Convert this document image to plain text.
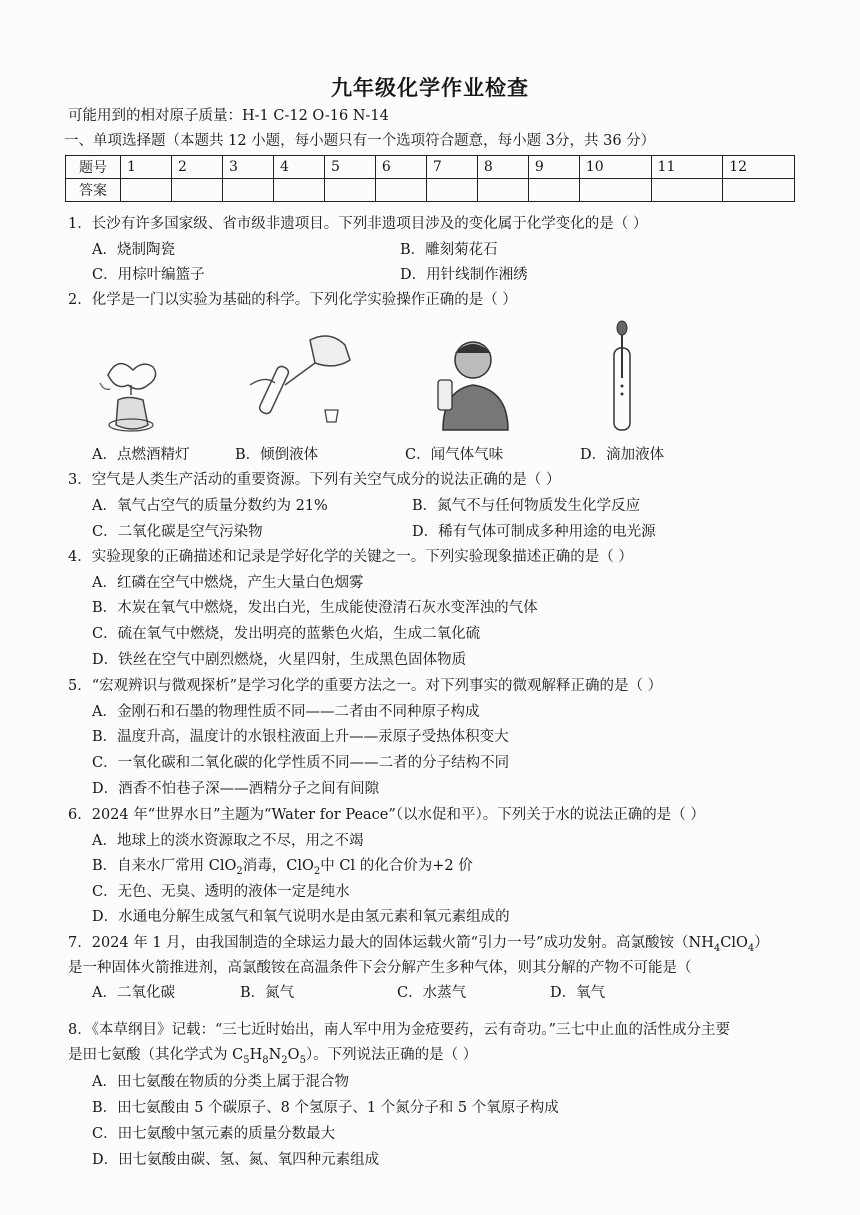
九年级化学作业检查
可能用到的相对原子质量：H-1 C-12 O-16 N-14
一、单项选择题（本题共 12 小题，每小题只有一个选项符合题意，每小题 3分，共 36 分）
题号	1	2	3	4	5	6	7	8	9	10	11	12
答案												
1．长沙有许多国家级、省市级非遗项目。下列非遗项目涉及的变化属于化学变化的是（ ）
A．烧制陶瓷	B．雕刻菊花石
C．用棕叶编篮子	D．用针线制作湘绣
2．化学是一门以实验为基础的科学。下列化学实验操作正确的是（ ）
A．点燃酒精灯	B．倾倒液体	C．闻气体气味	D．滴加液体
3．空气是人类生产活动的重要资源。下列有关空气成分的说法正确的是（ ）
A．氧气占空气的质量分数约为 21%	B．氮气不与任何物质发生化学反应
C．二氧化碳是空气污染物	D．稀有气体可制成多种用途的电光源
4．实验现象的正确描述和记录是学好化学的关键之一。下列实验现象描述正确的是（ ）
A．红磷在空气中燃烧，产生大量白色烟雾
B．木炭在氧气中燃烧，发出白光，生成能使澄清石灰水变浑浊的气体
C．硫在氧气中燃烧，发出明亮的蓝紫色火焰，生成二氧化硫
D．铁丝在空气中剧烈燃烧，火星四射，生成黑色固体物质
5．“宏观辨识与微观探析”是学习化学的重要方法之一。对下列事实的微观解释正确的是（ ）
A．金刚石和石墨的物理性质不同——二者由不同种原子构成
B．温度升高，温度计的水银柱液面上升——汞原子受热体积变大
C．一氧化碳和二氧化碳的化学性质不同——二者的分子结构不同
D．酒香不怕巷子深——酒精分子之间有间隙
6．2024 年“世界水日”主题为“Water for Peace”（以水促和平）。下列关于水的说法正确的是（ ）
A．地球上的淡水资源取之不尽，用之不竭
B．自来水厂常用 ClO$_2$消毒，ClO$_2$中 Cl 的化合价为+2 价
C．无色、无臭、透明的液体一定是纯水
D．水通电分解生成氢气和氧气说明水是由氢元素和氧元素组成的
7．2024 年 1 月，由我国制造的全球运力最大的固体运载火箭“引力一号”成功发射。高氯酸铵$(NH_4ClO_4)$
是一种固体火箭推进剂，高氯酸铵在高温条件下会分解产生多种气体，则其分解的产物不可能是（
A．二氧化碳	B．氮气	C．水蒸气	D．氧气
8．《本草纲目》记载：“三七近时始出，南人军中用为金疮要药，云有奇功。”三七中止血的活性成分主要
是田七氨酸（其化学式为 $C_5H_8N_2O_5$）。下列说法正确的是（ ）
A．田七氨酸在物质的分类上属于混合物
B．田七氨酸由 5 个碳原子、8 个氢原子、1 个氮分子和 5 个氧原子构成
C．田七氨酸中氢元素的质量分数最大
D．田七氨酸由碳、氢、氮、氧四种元素组成
